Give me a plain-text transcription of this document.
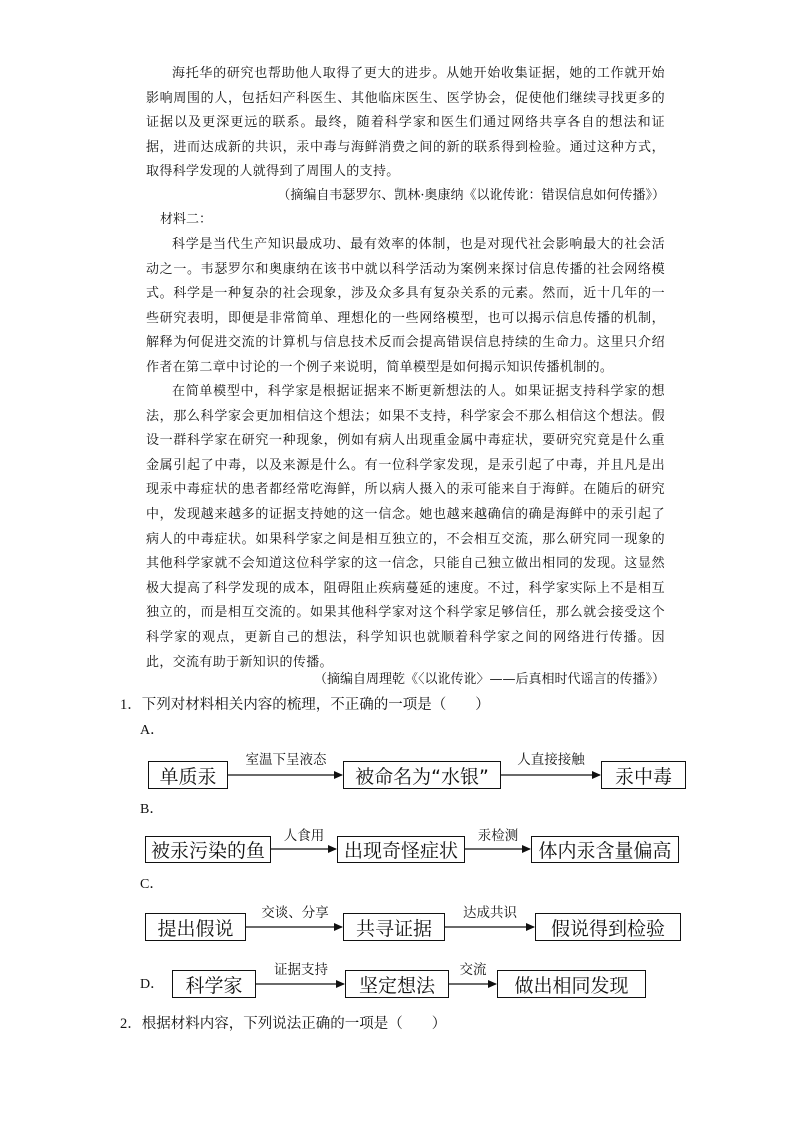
海托华的研究也帮助他人取得了更大的进步。从她开始收集证据，她的工作就开始影响周围的人，包括妇产科医生、其他临床医生、医学协会，促使他们继续寻找更多的证据以及更深更远的联系。最终，随着科学家和医生们通过网络共享各自的想法和证据，进而达成新的共识，汞中毒与海鲜消费之间的新的联系得到检验。通过这种方式，取得科学发现的人就得到了周围人的支持。

（摘编自韦瑟罗尔、凯林·奥康纳《以讹传讹：错误信息如何传播》）
材料二：

科学是当代生产知识最成功、最有效率的体制，也是对现代社会影响最大的社会活动之一。韦瑟罗尔和奥康纳在该书中就以科学活动为案例来探讨信息传播的社会网络模式。科学是一种复杂的社会现象，涉及众多具有复杂关系的元素。然而，近十几年的一些研究表明，即便是非常简单、理想化的一些网络模型，也可以揭示信息传播的机制，解释为何促进交流的计算机与信息技术反而会提高错误信息持续的生命力。这里只介绍作者在第二章中讨论的一个例子来说明，简单模型是如何揭示知识传播机制的。

在简单模型中，科学家是根据证据来不断更新想法的人。如果证据支持科学家的想法，那么科学家会更加相信这个想法；如果不支持，科学家会不那么相信这个想法。假设一群科学家在研究一种现象，例如有病人出现重金属中毒症状，要研究究竟是什么重金属引起了中毒，以及来源是什么。有一位科学家发现，是汞引起了中毒，并且凡是出现汞中毒症状的患者都经常吃海鲜，所以病人摄入的汞可能来自于海鲜。在随后的研究中，发现越来越多的证据支持她的这一信念。她也越来越确信的确是海鲜中的汞引起了病人的中毒症状。如果科学家之间是相互独立的，不会相互交流，那么研究同一现象的其他科学家就不会知道这位科学家的这一信念，只能自己独立做出相同的发现。这显然极大提高了科学发现的成本，阻碍阻止疾病蔓延的速度。不过，科学家实际上不是相互独立的，而是相互交流的。如果其他科学家对这个科学家足够信任，那么就会接受这个科学家的观点，更新自己的想法，科学知识也就顺着科学家之间的网络进行传播。因此，交流有助于新知识的传播。

（摘编自周理乾《〈以讹传讹〉——后真相时代谣言的传播》）
1．下列对材料相关内容的梳理，不正确的一项是（　　）
A．
单质汞
室温下呈液态
被命名为“水银”
人直接接触
汞中毒
B．
被汞污染的鱼
人食用
出现奇怪症状
汞检测
体内汞含量偏高
C．
提出假说
交谈、分享
共寻证据
达成共识
假说得到检验
D．	科学家
证据支持
坚定想法
交流
做出相同发现
2．根据材料内容，下列说法正确的一项是（　　）
